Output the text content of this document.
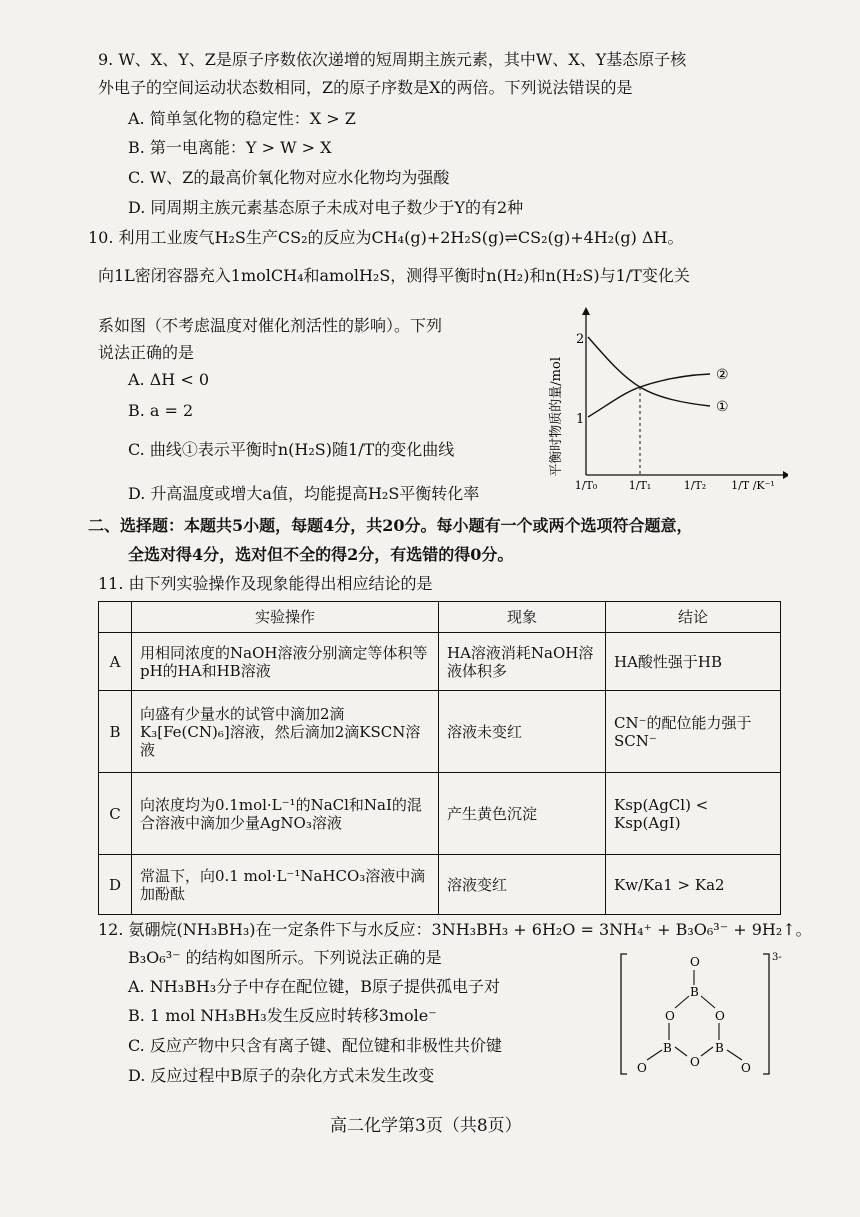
9. W、X、Y、Z是原子序数依次递增的短周期主族元素，其中W、X、Y基态原子核
外电子的空间运动状态数相同，Z的原子序数是X的两倍。下列说法错误的是
A. 简单氢化物的稳定性：X > Z
B. 第一电离能：Y > W > X
C. W、Z的最高价氧化物对应水化物均为强酸
D. 同周期主族元素基态原子未成对电子数少于Y的有2种
10. 利用工业废气H₂S生产CS₂的反应为CH₄(g)+2H₂S(g)⇌CS₂(g)+4H₂(g) ΔH。
向1L密闭容器充入1molCH₄和amolH₂S，测得平衡时n(H₂)和n(H₂S)与1/T变化关
系如图（不考虑温度对催化剂活性的影响）。下列
说法正确的是
A. ΔH < 0
B. a = 2
C. 曲线①表示平衡时n(H₂S)随1/T的变化曲线
D. 升高温度或增大a值，均能提高H₂S平衡转化率
平衡时物质的量/mol
2
1
②
①
1/T₀	1/T₁	1/T₂ 1/T /K⁻¹
二、选择题：本题共5小题，每题4分，共20分。每小题有一个或两个选项符合题意，
全选对得4分，选对但不全的得2分，有选错的得0分。
11. 由下列实验操作及现象能得出相应结论的是
	实验操作	现象	结论
A	用相同浓度的NaOH溶液分别滴定等体积等pH的HA和HB溶液	HA溶液消耗NaOH溶液体积多	HA酸性强于HB
B	向盛有少量水的试管中滴加2滴K₃[Fe(CN)₆]溶液，然后滴加2滴KSCN溶液	溶液未变红	CN⁻的配位能力强于SCN⁻
C	向浓度均为0.1mol·L⁻¹的NaCl和NaI的混合溶液中滴加少量AgNO₃溶液	产生黄色沉淀	Ksp(AgCl) < Ksp(AgI)
D	常温下，向0.1 mol·L⁻¹NaHCO₃溶液中滴加酚酞	溶液变红	Kw/Ka1 > Ka2
12. 氨硼烷(NH₃BH₃)在一定条件下与水反应：3NH₃BH₃ + 6H₂O = 3NH₄⁺ + B₃O₆³⁻ + 9H₂↑。
B₃O₆³⁻ 的结构如图所示。下列说法正确的是
A. NH₃BH₃分子中存在配位键，B原子提供孤电子对
B. 1 mol NH₃BH₃发生反应时转移3mole⁻
C. 反应产物中只含有离子键、配位键和非极性共价键
D. 反应过程中B原子的杂化方式未发生改变
3-
O
B
O	O
B	B
O
O	O
高二化学第3页（共8页）
